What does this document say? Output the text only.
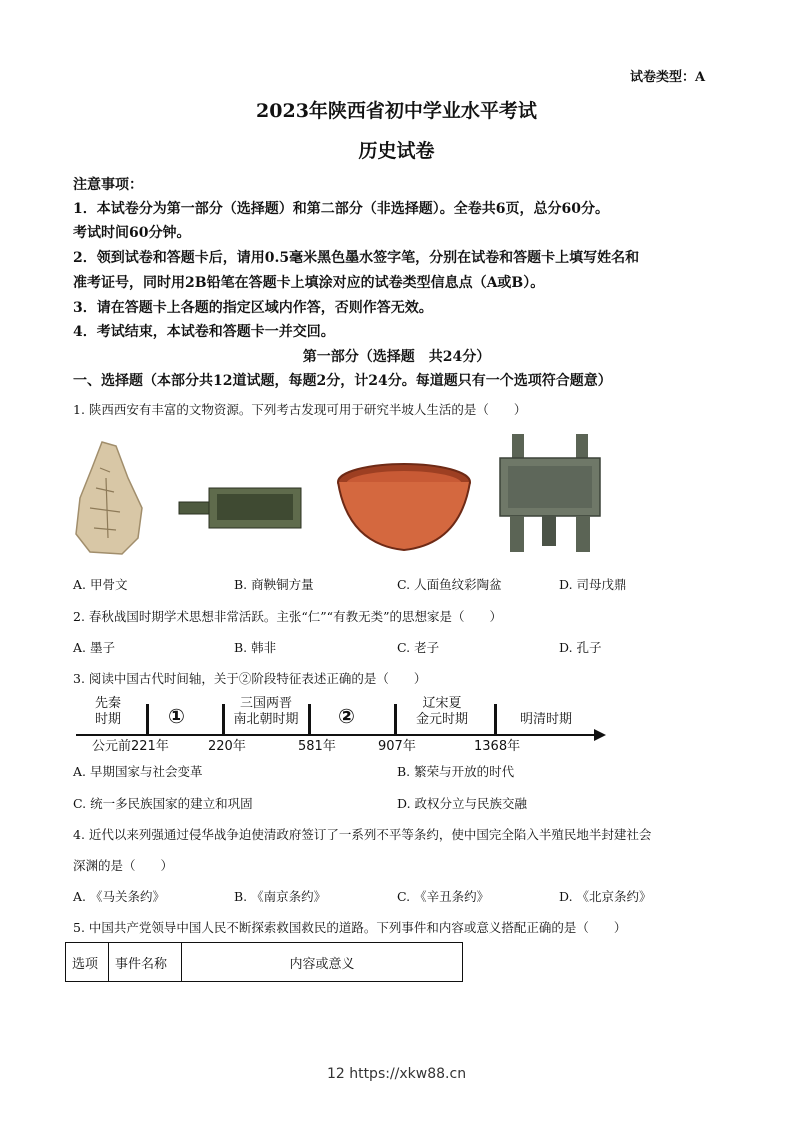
试卷类型：A
2023年陕西省初中学业水平考试
历史试卷
注意事项：
1．本试卷分为第一部分（选择题）和第二部分（非选择题）。全卷共6页，总分60分。
考试时间60分钟。
2．领到试卷和答题卡后，请用0.5毫米黑色墨水签字笔，分别在试卷和答题卡上填写姓名和
准考证号，同时用2B铅笔在答题卡上填涂对应的试卷类型信息点（A或B）。
3．请在答题卡上各题的指定区域内作答，否则作答无效。
4．考试结束，本试卷和答题卡一并交回。
第一部分（选择题　共24分）
一、选择题（本部分共12道试题，每题2分，计24分。每道题只有一个选项符合题意）
1. 陕西西安有丰富的文物资源。下列考古发现可用于研究半坡人生活的是（　　）
A. 甲骨文	B. 商鞅铜方量	C. 人面鱼纹彩陶盆	D. 司母戊鼎
2. 春秋战国时期学术思想非常活跃。主张“仁”“有教无类”的思想家是（　　）
A. 墨子	B. 韩非	C. 老子	D. 孔子
3. 阅读中国古代时间轴，关于②阶段特征表述正确的是（　　）
先秦
时期	①
三国两晋
南北朝时期	②
辽宋夏
金元时期	明清时期
公元前221年	220年	581年	907年	1368年
A. 早期国家与社会变革	B. 繁荣与开放的时代
C. 统一多民族国家的建立和巩固	D. 政权分立与民族交融
4. 近代以来列强通过侵华战争迫使清政府签订了一系列不平等条约，使中国完全陷入半殖民地半封建社会
深渊的是（　　）
A. 《马关条约》	B. 《南京条约》	C. 《辛丑条约》	D. 《北京条约》
5. 中国共产党领导中国人民不断探索救国救民的道路。下列事件和内容或意义搭配正确的是（　　）
选项	事件名称	内容或意义
12 https://xkw88.cn
